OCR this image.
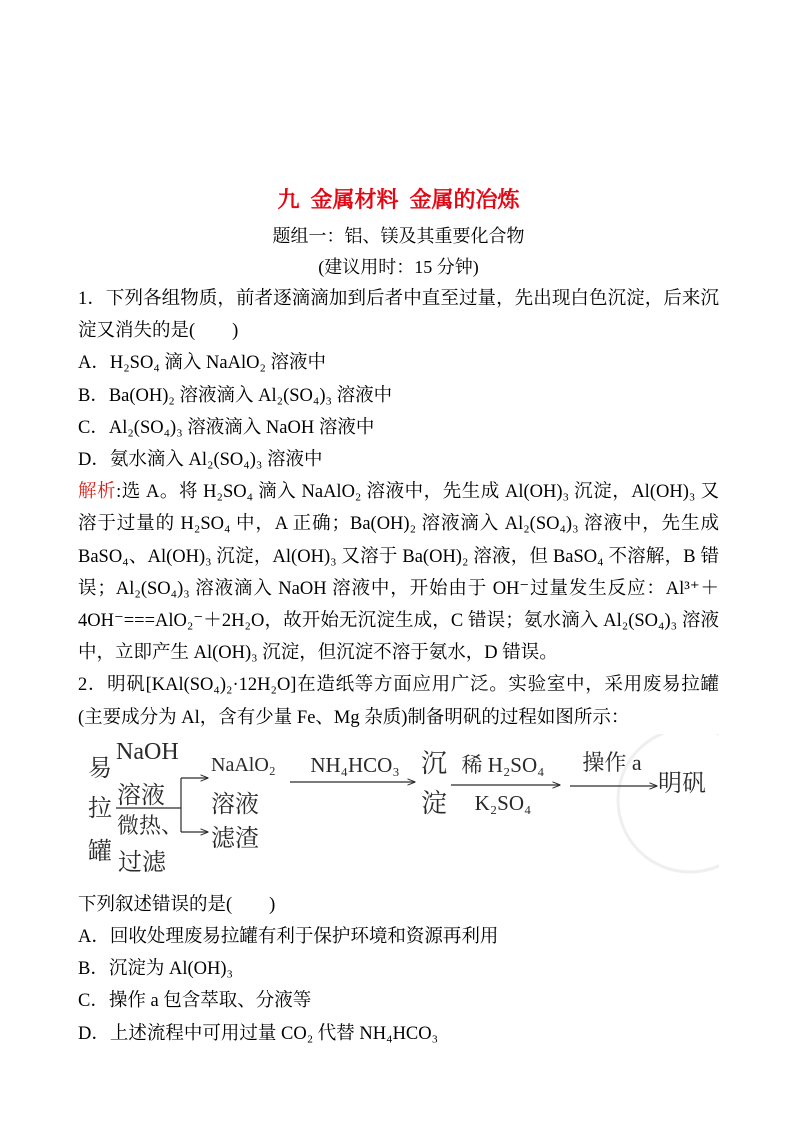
九  金属材料  金属的冶炼
题组一：铝、镁及其重要化合物
(建议用时：15 分钟)

1．下列各组物质，前者逐滴滴加到后者中直至过量，先出现白色沉淀，后来沉淀又消失的是(　　)

A．H₂SO₄ 滴入 NaAlO₂ 溶液中

B．Ba(OH)₂ 溶液滴入 Al₂(SO₄)₃ 溶液中

C．Al₂(SO₄)₃ 溶液滴入 NaOH 溶液中

D．氨水滴入 Al₂(SO₄)₃ 溶液中

解析:选 A。将 H₂SO₄ 滴入 NaAlO₂ 溶液中，先生成 Al(OH)₃ 沉淀，Al(OH)₃ 又溶于过量的 H₂SO₄ 中，A 正确；Ba(OH)₂ 溶液滴入 Al₂(SO₄)₃ 溶液中，先生成 BaSO₄、Al(OH)₃ 沉淀，Al(OH)₃ 又溶于 Ba(OH)₂ 溶液，但 BaSO₄ 不溶解，B 错误；Al₂(SO₄)₃ 溶液滴入 NaOH 溶液中，开始由于 OH⁻过量发生反应：Al³⁺＋4OH⁻===AlO₂⁻＋2H₂O，故开始无沉淀生成，C 错误；氨水滴入 Al₂(SO₄)₃ 溶液中，立即产生 Al(OH)₃ 沉淀，但沉淀不溶于氨水，D 错误。

2．明矾[KAl(SO₄)₂·12H₂O]在造纸等方面应用广泛。实验室中，采用废易拉罐(主要成分为 Al，含有少量 Fe、Mg 杂质)制备明矾的过程如图所示：

易
拉
罐
NaOH
溶液
微热、
过滤
NaAlO₂
溶液
滤渣
NH₄HCO₃ 沉
淀
稀 H₂SO₄
K₂SO₄
操作 a
明矾

下列叙述错误的是(　　)

A．回收处理废易拉罐有利于保护环境和资源再利用

B．沉淀为 Al(OH)₃

C．操作 a 包含萃取、分液等

D．上述流程中可用过量 CO₂ 代替 NH₄HCO₃
